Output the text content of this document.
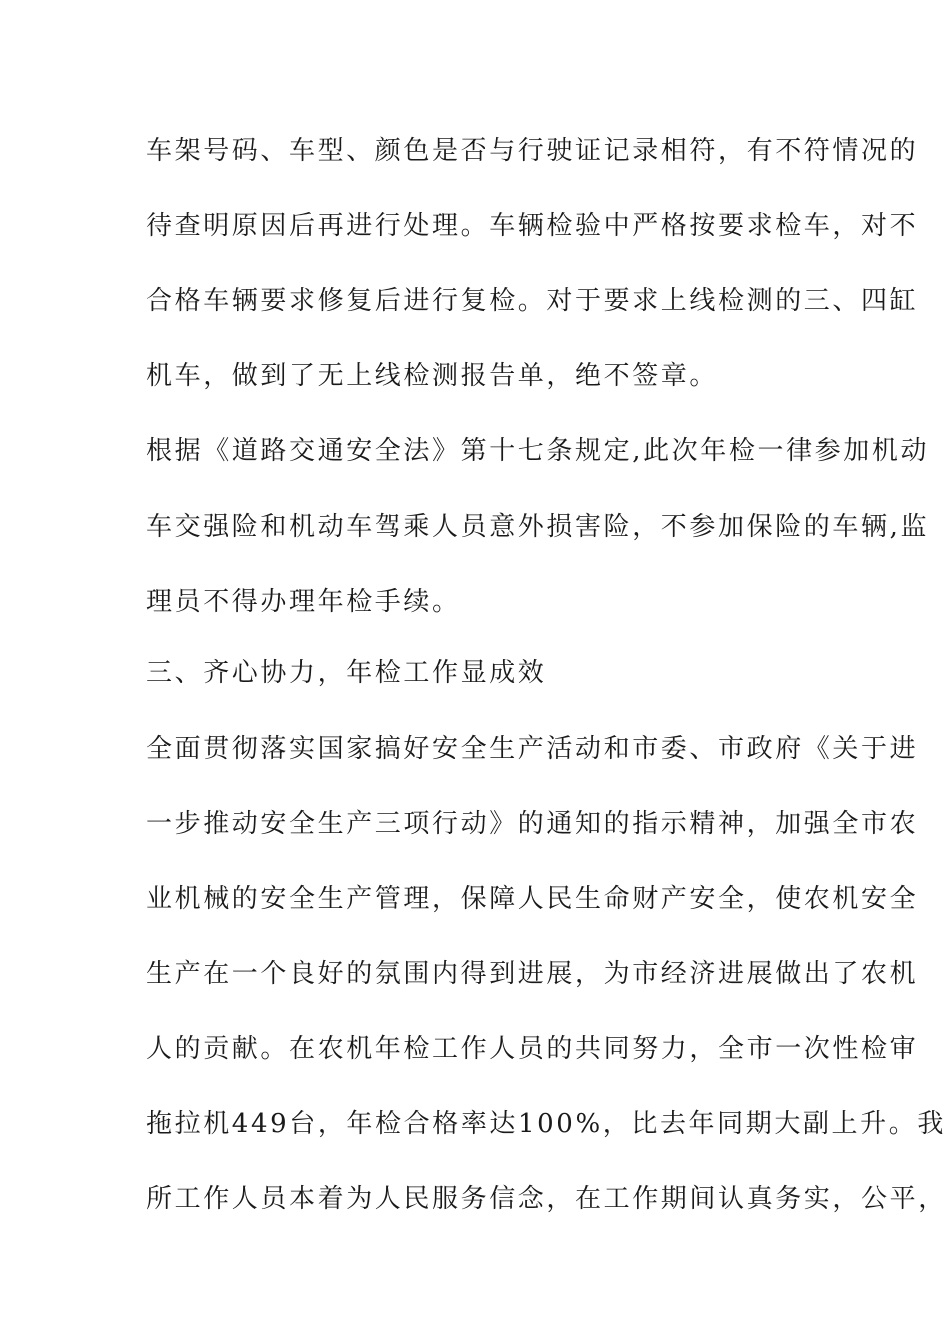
车架号码、车型、颜色是否与行驶证记录相符，有不符情况的
待查明原因后再进行处理。车辆检验中严格按要求检车，对不
合格车辆要求修复后进行复检。对于要求上线检测的三、四缸
机车，做到了无上线检测报告单，绝不签章。
根据《道路交通安全法》第十七条规定,此次年检一律参加机动
车交强险和机动车驾乘人员意外损害险，不参加保险的车辆,监
理员不得办理年检手续。
三、齐心协力，年检工作显成效
全面贯彻落实国家搞好安全生产活动和市委、市政府《关于进
一步推动安全生产三项行动》的通知的指示精神，加强全市农
业机械的安全生产管理，保障人民生命财产安全，使农机安全
生产在一个良好的氛围内得到进展，为市经济进展做出了农机
人的贡献。在农机年检工作人员的共同努力，全市一次性检审
拖拉机449台，年检合格率达100%，比去年同期大副上升。我
所工作人员本着为人民服务信念，在工作期间认真务实，公平，
